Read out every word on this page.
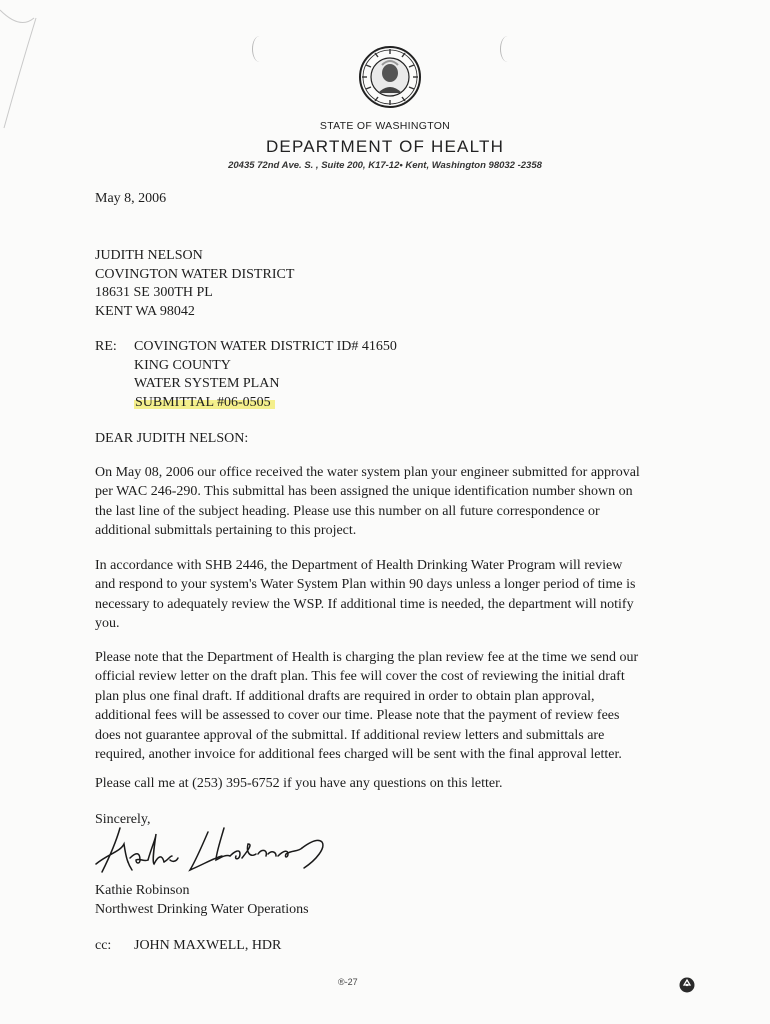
STATE OF WASHINGTON
DEPARTMENT OF HEALTH
20435 72nd Ave. S. , Suite 200, K17-12• Kent, Washington 98032 -2358
May 8, 2006
JUDITH NELSON
COVINGTON WATER DISTRICT
18631 SE 300TH PL
KENT WA 98042
RE: COVINGTON WATER DISTRICT ID# 41650
KING COUNTY
WATER SYSTEM PLAN
SUBMITTAL #06-0505
DEAR JUDITH NELSON:
On May 08, 2006 our office received the water system plan your engineer submitted for approval
per WAC 246-290. This submittal has been assigned the unique identification number shown on
the last line of the subject heading. Please use this number on all future correspondence or
additional submittals pertaining to this project.
In accordance with SHB 2446, the Department of Health Drinking Water Program will review
and respond to your system's Water System Plan within 90 days unless a longer period of time is
necessary to adequately review the WSP. If additional time is needed, the department will notify
you.
Please note that the Department of Health is charging the plan review fee at the time we send our
official review letter on the draft plan. This fee will cover the cost of reviewing the initial draft
plan plus one final draft. If additional drafts are required in order to obtain plan approval,
additional fees will be assessed to cover our time. Please note that the payment of review fees
does not guarantee approval of the submittal. If additional review letters and submittals are
required, another invoice for additional fees charged will be sent with the final approval letter.
Please call me at (253) 395-6752 if you have any questions on this letter.
Sincerely,
Kathie Robinson
Northwest Drinking Water Operations
cc: JOHN MAXWELL, HDR
®-27
